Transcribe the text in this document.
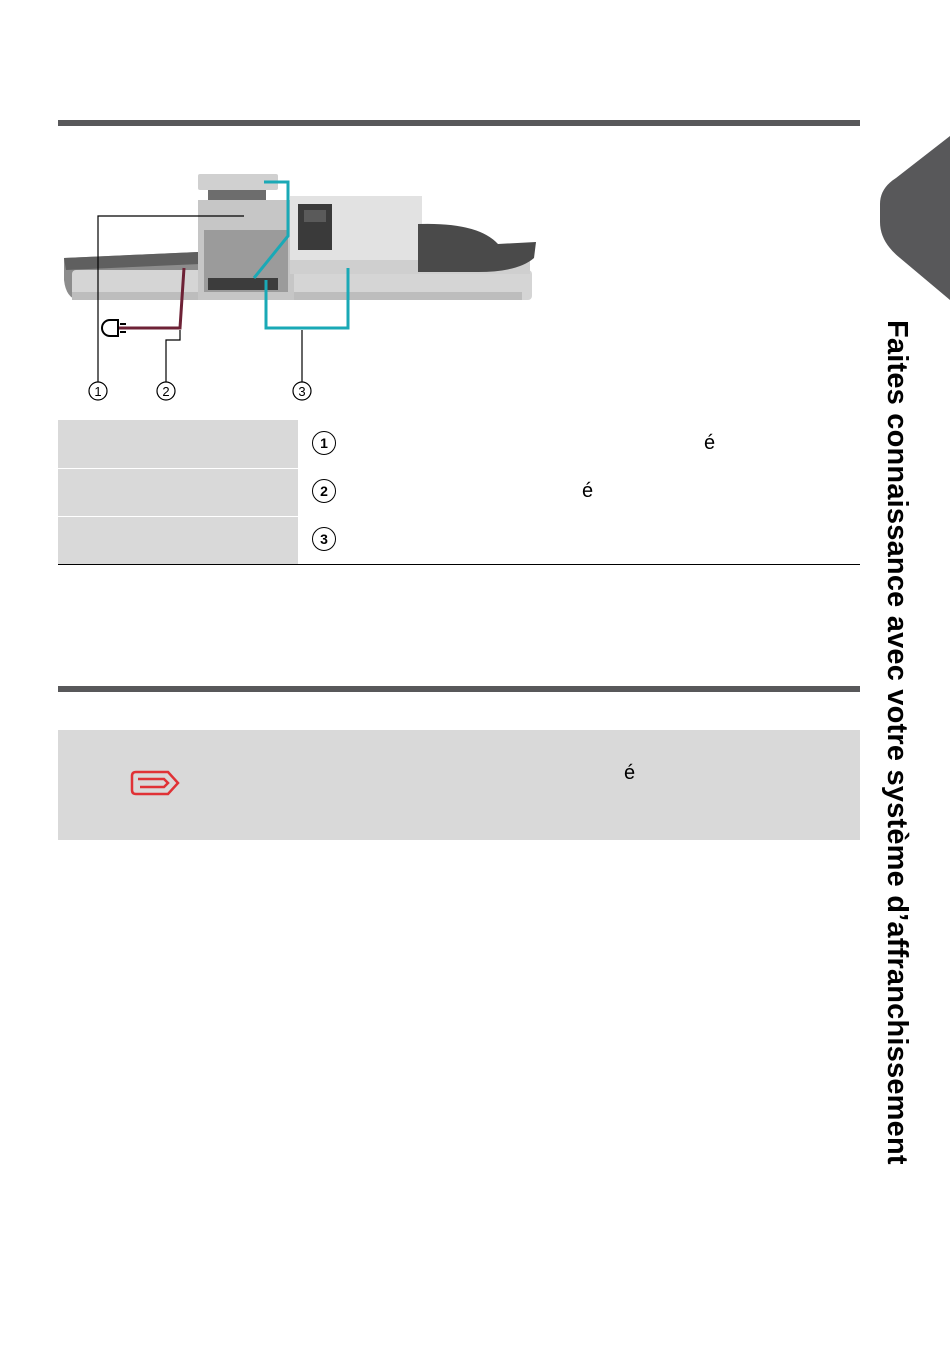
1	2	3
1	é
2	é
3
é	Faites connaissance avec votre système d’affranchissement
